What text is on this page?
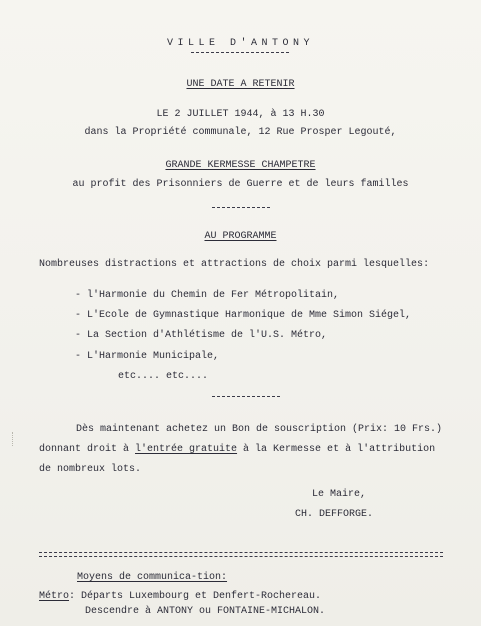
VILLE D'ANTONY
UNE DATE A RETENIR
LE 2 JUILLET 1944, à 13 H.30
dans la Propriété communale, 12 Rue Prosper Legouté,
GRANDE KERMESSE CHAMPETRE
au profit des Prisonniers de Guerre et de leurs familles
AU PROGRAMME
Nombreuses distractions et attractions de choix parmi lesquelles:
- l'Harmonie du Chemin de Fer Métropolitain,
- L'Ecole de Gymnastique Harmonique de Mme Simon Siégel,
- La Section d'Athlétisme de l'U.S. Métro,
- L'Harmonie Municipale,
etc.... etc....
Dès maintenant achetez un Bon de souscription (Prix: 10 Frs.)
donnant droit à l'entrée gratuite à la Kermesse et à l'attribution
de nombreux lots.
Le Maire,
CH. DEFFORGE.
Moyens de communica-tion:
Métro: Départs Luxembourg et Denfert-Rochereau.
Descendre à ANTONY ou FONTAINE-MICHALON.
